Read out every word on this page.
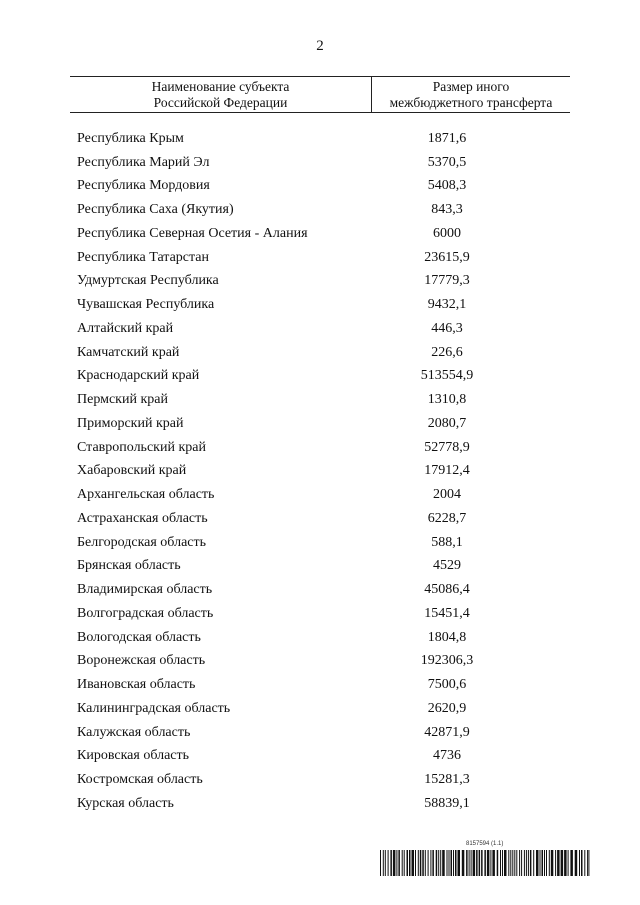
2
Наименование субъекта
Российской Федерации
Размер иного
межбюджетного трансферта
Республика Крым	1871,6
Республика Марий Эл	5370,5
Республика Мордовия	5408,3
Республика Саха (Якутия)	843,3
Республика Северная Осетия - Алания	6000
Республика Татарстан	23615,9
Удмуртская Республика	17779,3
Чувашская Республика	9432,1
Алтайский край	446,3
Камчатский край	226,6
Краснодарский край	513554,9
Пермский край	1310,8
Приморский край	2080,7
Ставропольский край	52778,9
Хабаровский край	17912,4
Архангельская область	2004
Астраханская область	6228,7
Белгородская область	588,1
Брянская область	4529
Владимирская область	45086,4
Волгоградская область	15451,4
Вологодская область	1804,8
Воронежская область	192306,3
Ивановская область	7500,6
Калининградская область	2620,9
Калужская область	42871,9
Кировская область	4736
Костромская область	15281,3
Курская область	58839,1
8157594 (1.1)
